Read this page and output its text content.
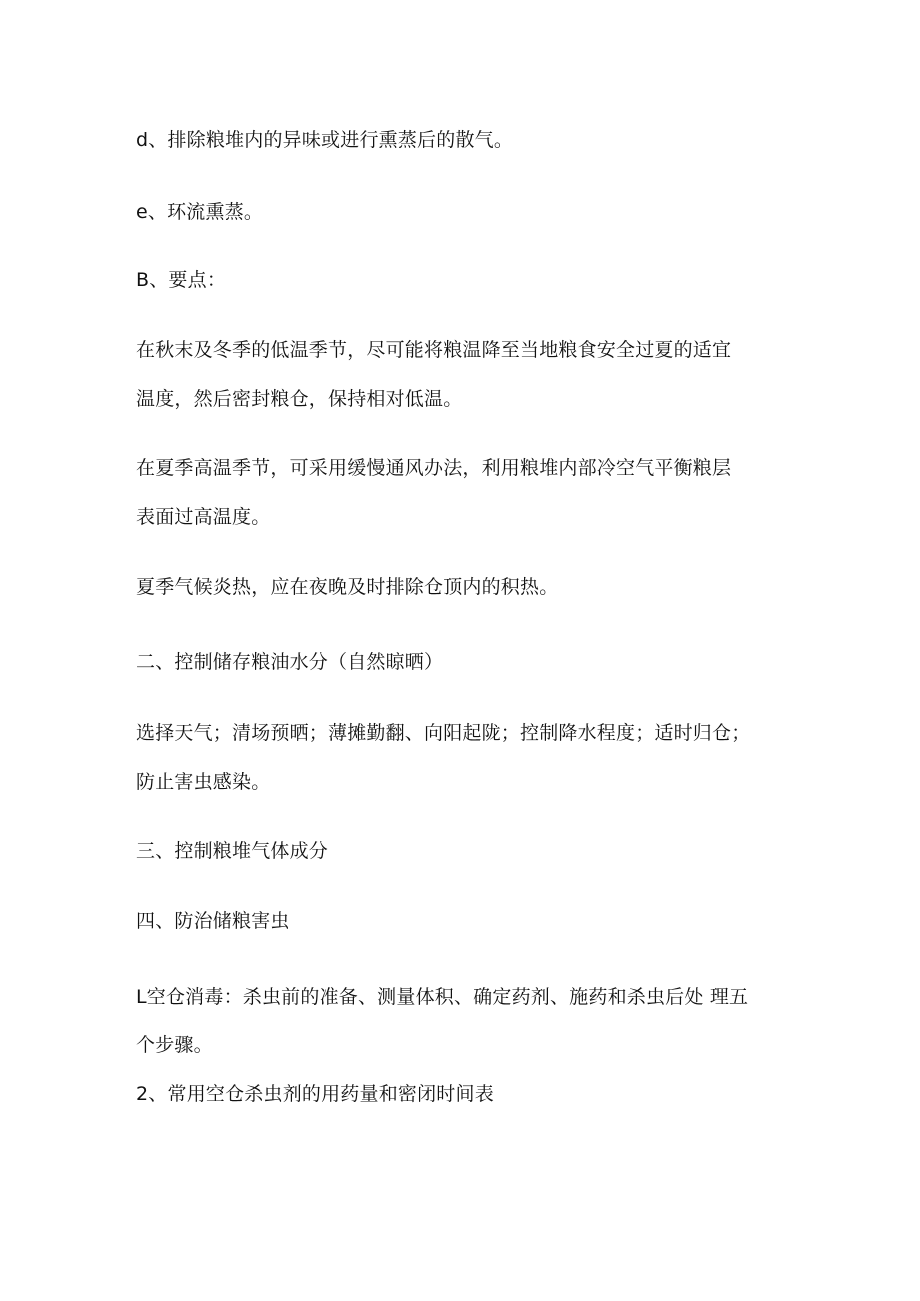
d、排除粮堆内的异味或进行熏蒸后的散气。
e、环流熏蒸。
B、要点：
在秋末及冬季的低温季节，尽可能将粮温降至当地粮食安全过夏的适宜
温度，然后密封粮仓，保持相对低温。
在夏季高温季节，可采用缓慢通风办法，利用粮堆内部冷空气平衡粮层
表面过高温度。
夏季气候炎热，应在夜晚及时排除仓顶内的积热。
二、控制储存粮油水分（自然晾晒）
选择天气；清场预晒；薄摊勤翻、向阳起陇；控制降水程度；适时归仓；
防止害虫感染。
三、控制粮堆气体成分
四、防治储粮害虫
L空仓消毒：杀虫前的准备、测量体积、确定药剂、施药和杀虫后处 理五
个步骤。
2、常用空仓杀虫剂的用药量和密闭时间表
